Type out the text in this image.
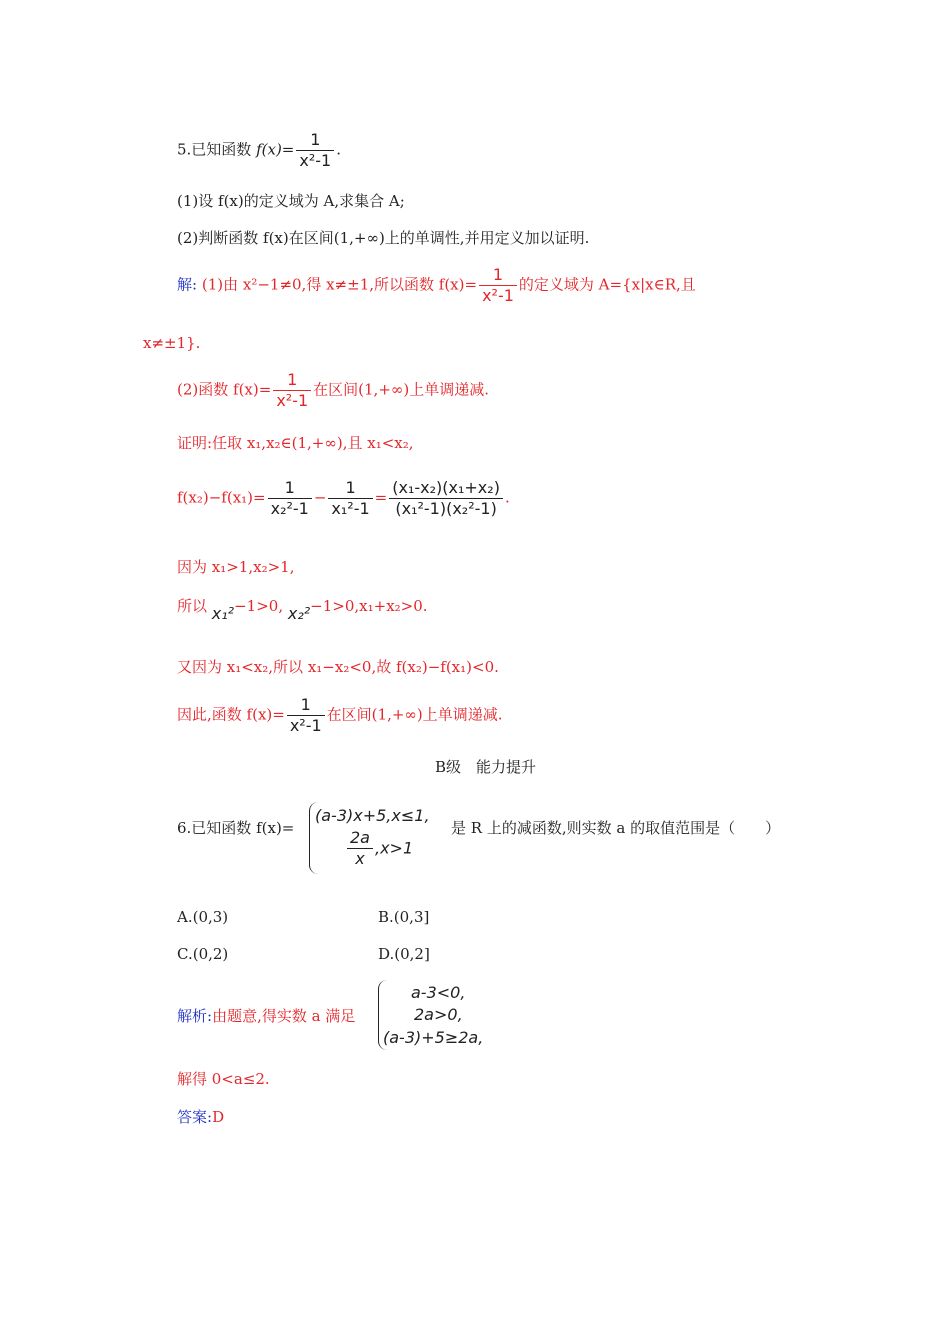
5.已知函数 $f(x)= \frac{1}{\text{x²-1}}$ .
(1)设 f(x)的定义域为 A,求集合 A;
(2)判断函数 f(x)在区间(1,+∞)上的单调性,并用定义加以证明.
解: (1)由 x²−1≠0,得 x≠±1,所以函数 $f(x)= \frac{1}{\text{x²-1}}$ 的定义域为 A={x|x∈R,且
x≠±1}.
(2)函数 $f(x)= \frac{1}{\text{x²-1}}$ 在区间(1,+∞)上单调递减.
证明:任取 x₁,x₂∈(1,+∞),且 x₁<x₂,
$f(x_2)-f(x_1)= \frac{1}{\text{x₂²-1}} - \frac{1}{\text{x₁²-1}} = \frac{\text{(x₁-x₂)(x₁+x₂)}}{\text{(x₁²-1)(x₂²-1)}}$ .
因为 x₁>1,x₂>1,
所以 x₁²−1>0, x₂²−1>0,x₁+x₂>0.
又因为 x₁<x₂,所以 x₁−x₂<0,故 f(x₂)−f(x₁)<0.
因此,函数 $f(x)= \frac{1}{\text{x²-1}}$ 在区间(1,+∞)上单调递减.
B级　能力提升
6.已知函数 f(x)=
(a-3)x+5,x≤1,
$\frac{2a}{x} ,x>1$
是 R 上的减函数,则实数 a 的取值范围是（　　）
A.(0,3)	B.(0,3]
C.(0,2)	D.(0,2]
解析:由题意,得实数 a 满足
a-3<0,
2a>0,
(a-3)+5≥2a,
解得 0<a≤2.
答案:D
